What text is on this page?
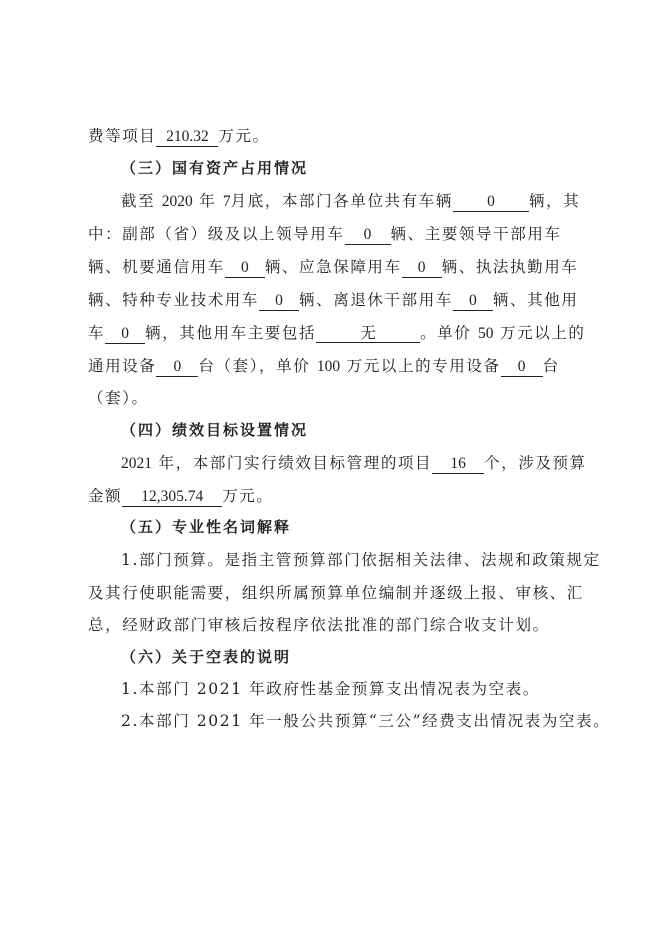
费等项目 210.32 万元。
（三）国有资产占用情况
截至 2020 年 7月底，本部门各单位共有车辆 0 辆，其
中：副部（省）级及以上领导用车 0 辆、主要领导干部用车
辆、机要通信用车 0 辆、应急保障用车 0 辆、执法执勤用车
辆、特种专业技术用车 0 辆、离退休干部用车 0 辆、其他用
车 0 辆，其他用车主要包括	无	。单价 50 万元以上的
通用设备 0 台（套），单价 100 万元以上的专用设备 0 台
（套）。
（四）绩效目标设置情况
2021 年，本部门实行绩效目标管理的项目 16 个，涉及预算
金额 12,305.74 万元。
（五）专业性名词解释
1.部门预算。是指主管预算部门依据相关法律、法规和政策规定
及其行使职能需要，组织所属预算单位编制并逐级上报、审核、汇
总，经财政部门审核后按程序依法批准的部门综合收支计划。
（六）关于空表的说明
1.本部门 2021 年政府性基金预算支出情况表为空表。
2.本部门 2021 年一般公共预算“三公”经费支出情况表为空表。
